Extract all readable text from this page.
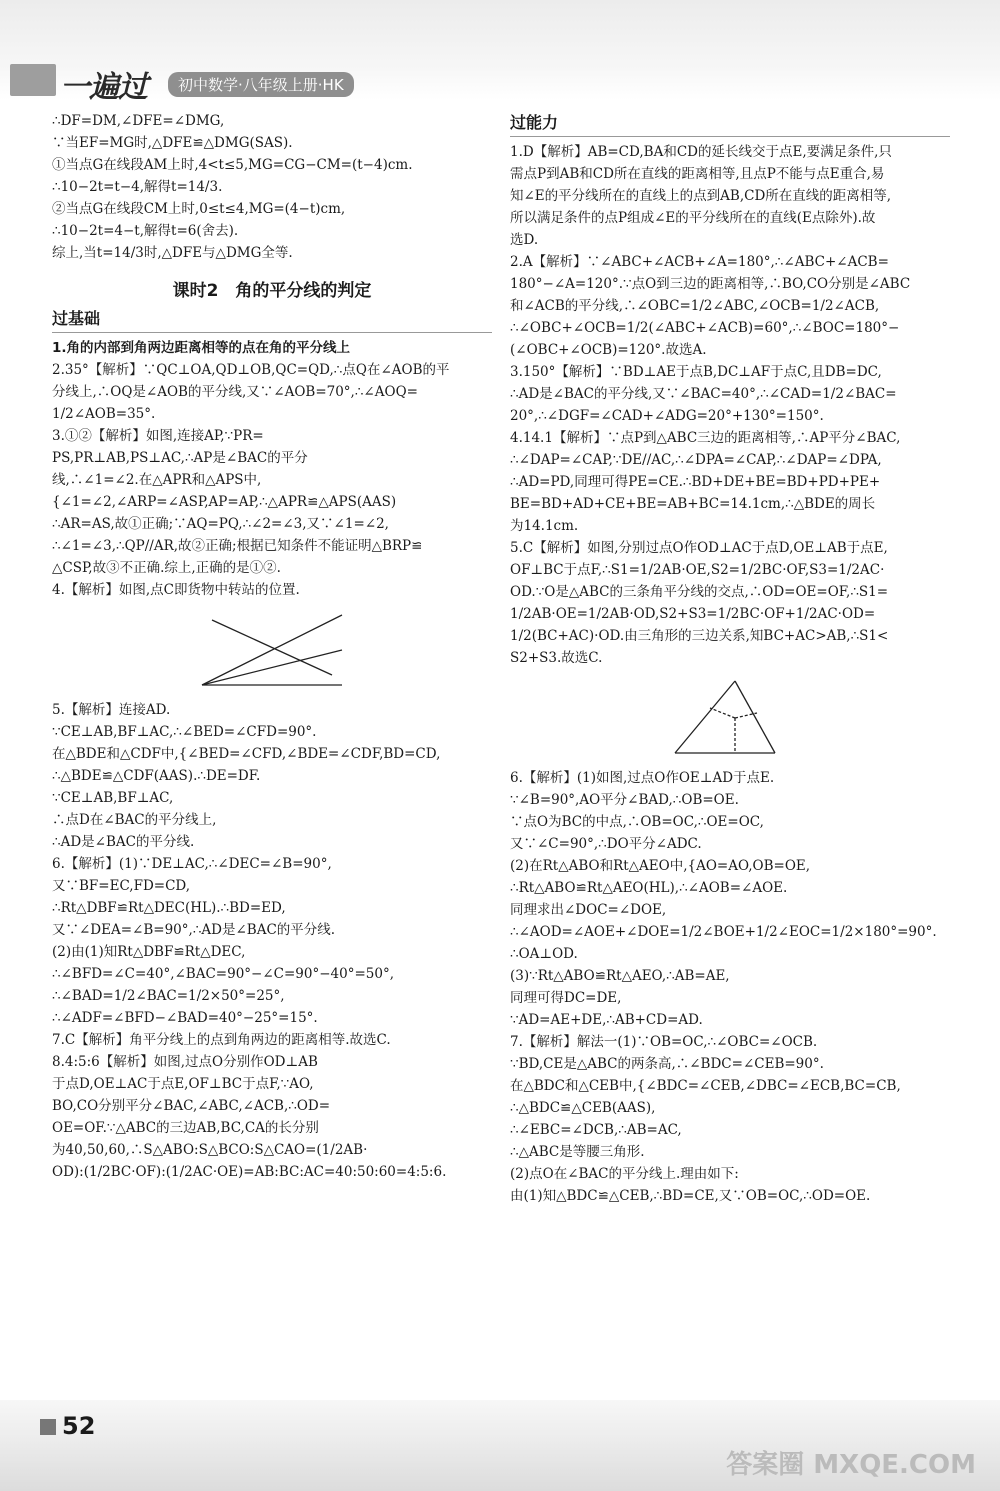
一遍过	初中数学·八年级上册·HK
∴DF=DM,∠DFE=∠DMG,
∵当EF=MG时,△DFE≌△DMG(SAS).
①当点G在线段AM上时,4<t≤5,MG=CG−CM=(t−4)cm.
∴10−2t=t−4,解得t=14/3.
②当点G在线段CM上时,0≤t≤4,MG=(4−t)cm,
∴10−2t=4−t,解得t=6(舍去).
综上,当t=14/3时,△DFE与△DMG全等.
课时2　角的平分线的判定
过基础
1.角的内部到角两边距离相等的点在角的平分线上
2.35°【解析】∵QC⊥OA,QD⊥OB,QC=QD,∴点Q在∠AOB的平
分线上,∴OQ是∠AOB的平分线,又∵∠AOB=70°,∴∠AOQ=
1/2∠AOB=35°.
3.①②【解析】如图,连接AP,∵PR=
PS,PR⊥AB,PS⊥AC,∴AP是∠BAC的平分
线,∴∠1=∠2.在△APR和△APS中,
{∠1=∠2,∠ARP=∠ASP,AP=AP,∴△APR≌△APS(AAS)
∴AR=AS,故①正确;∵AQ=PQ,∴∠2=∠3,又∵∠1=∠2,
∴∠1=∠3,∴QP//AR,故②正确;根据已知条件不能证明△BRP≌
△CSP,故③不正确.综上,正确的是①②.
4.【解析】如图,点C即货物中转站的位置.
5.【解析】连接AD.
∵CE⊥AB,BF⊥AC,∴∠BED=∠CFD=90°.
在△BDE和△CDF中,{∠BED=∠CFD,∠BDE=∠CDF,BD=CD,
∴△BDE≌△CDF(AAS).∴DE=DF.
∵CE⊥AB,BF⊥AC,
∴点D在∠BAC的平分线上,
∴AD是∠BAC的平分线.
6.【解析】(1)∵DE⊥AC,∴∠DEC=∠B=90°,
又∵BF=EC,FD=CD,
∴Rt△DBF≌Rt△DEC(HL).∴BD=ED,
又∵∠DEA=∠B=90°,∴AD是∠BAC的平分线.
(2)由(1)知Rt△DBF≌Rt△DEC,
∴∠BFD=∠C=40°,∠BAC=90°−∠C=90°−40°=50°,
∴∠BAD=1/2∠BAC=1/2×50°=25°,
∴∠ADF=∠BFD−∠BAD=40°−25°=15°.
7.C【解析】角平分线上的点到角两边的距离相等.故选C.
8.4:5:6【解析】如图,过点O分别作OD⊥AB
于点D,OE⊥AC于点E,OF⊥BC于点F,∵AO,
BO,CO分别平分∠BAC,∠ABC,∠ACB,∴OD=
OE=OF.∵△ABC的三边AB,BC,CA的长分别
为40,50,60,∴S△ABO:S△BCO:S△CAO=(1/2AB·
OD):(1/2BC·OF):(1/2AC·OE)=AB:BC:AC=40:50:60=4:5:6.
过能力
1.D【解析】AB=CD,BA和CD的延长线交于点E,要满足条件,只
需点P到AB和CD所在直线的距离相等,且点P不能与点E重合,易
知∠E的平分线所在的直线上的点到AB,CD所在直线的距离相等,
所以满足条件的点P组成∠E的平分线所在的直线(E点除外).故
选D.
2.A【解析】∵∠ABC+∠ACB+∠A=180°,∴∠ABC+∠ACB=
180°−∠A=120°.∵点O到三边的距离相等,∴BO,CO分别是∠ABC
和∠ACB的平分线,∴∠OBC=1/2∠ABC,∠OCB=1/2∠ACB,
∴∠OBC+∠OCB=1/2(∠ABC+∠ACB)=60°,∴∠BOC=180°−
(∠OBC+∠OCB)=120°.故选A.
3.150°【解析】∵BD⊥AE于点B,DC⊥AF于点C,且DB=DC,
∴AD是∠BAC的平分线,又∵∠BAC=40°,∴∠CAD=1/2∠BAC=
20°,∴∠DGF=∠CAD+∠ADG=20°+130°=150°.
4.14.1【解析】∵点P到△ABC三边的距离相等,∴AP平分∠BAC,
∴∠DAP=∠CAP,∵DE//AC,∴∠DPA=∠CAP,∴∠DAP=∠DPA,
∴AD=PD,同理可得PE=CE.∴BD+DE+BE=BD+PD+PE+
BE=BD+AD+CE+BE=AB+BC=14.1cm,∴△BDE的周长
为14.1cm.
5.C【解析】如图,分别过点O作OD⊥AC于点D,OE⊥AB于点E,
OF⊥BC于点F,∴S1=1/2AB·OE,S2=1/2BC·OF,S3=1/2AC·
OD.∵O是△ABC的三条角平分线的交点,∴OD=OE=OF,∴S1=
1/2AB·OE=1/2AB·OD,S2+S3=1/2BC·OF+1/2AC·OD=
1/2(BC+AC)·OD.由三角形的三边关系,知BC+AC>AB,∴S1<
S2+S3.故选C.
6.【解析】(1)如图,过点O作OE⊥AD于点E.
∵∠B=90°,AO平分∠BAD,∴OB=OE.
∵点O为BC的中点,∴OB=OC,∴OE=OC,
又∵∠C=90°,∴DO平分∠ADC.
(2)在Rt△ABO和Rt△AEO中,{AO=AO,OB=OE,
∴Rt△ABO≌Rt△AEO(HL),∴∠AOB=∠AOE.
同理求出∠DOC=∠DOE,
∴∠AOD=∠AOE+∠DOE=1/2∠BOE+1/2∠EOC=1/2×180°=90°.
∴OA⊥OD.
(3)∵Rt△ABO≌Rt△AEO,∴AB=AE,
同理可得DC=DE,
∵AD=AE+DE,∴AB+CD=AD.
7.【解析】解法一(1)∵OB=OC,∴∠OBC=∠OCB.
∵BD,CE是△ABC的两条高,∴∠BDC=∠CEB=90°.
在△BDC和△CEB中,{∠BDC=∠CEB,∠DBC=∠ECB,BC=CB,
∴△BDC≌△CEB(AAS),
∴∠EBC=∠DCB,∴AB=AC,
∴△ABC是等腰三角形.
(2)点O在∠BAC的平分线上.理由如下:
由(1)知△BDC≌△CEB,∴BD=CE,又∵OB=OC,∴OD=OE.
52
答案圈 MXQE.COM
